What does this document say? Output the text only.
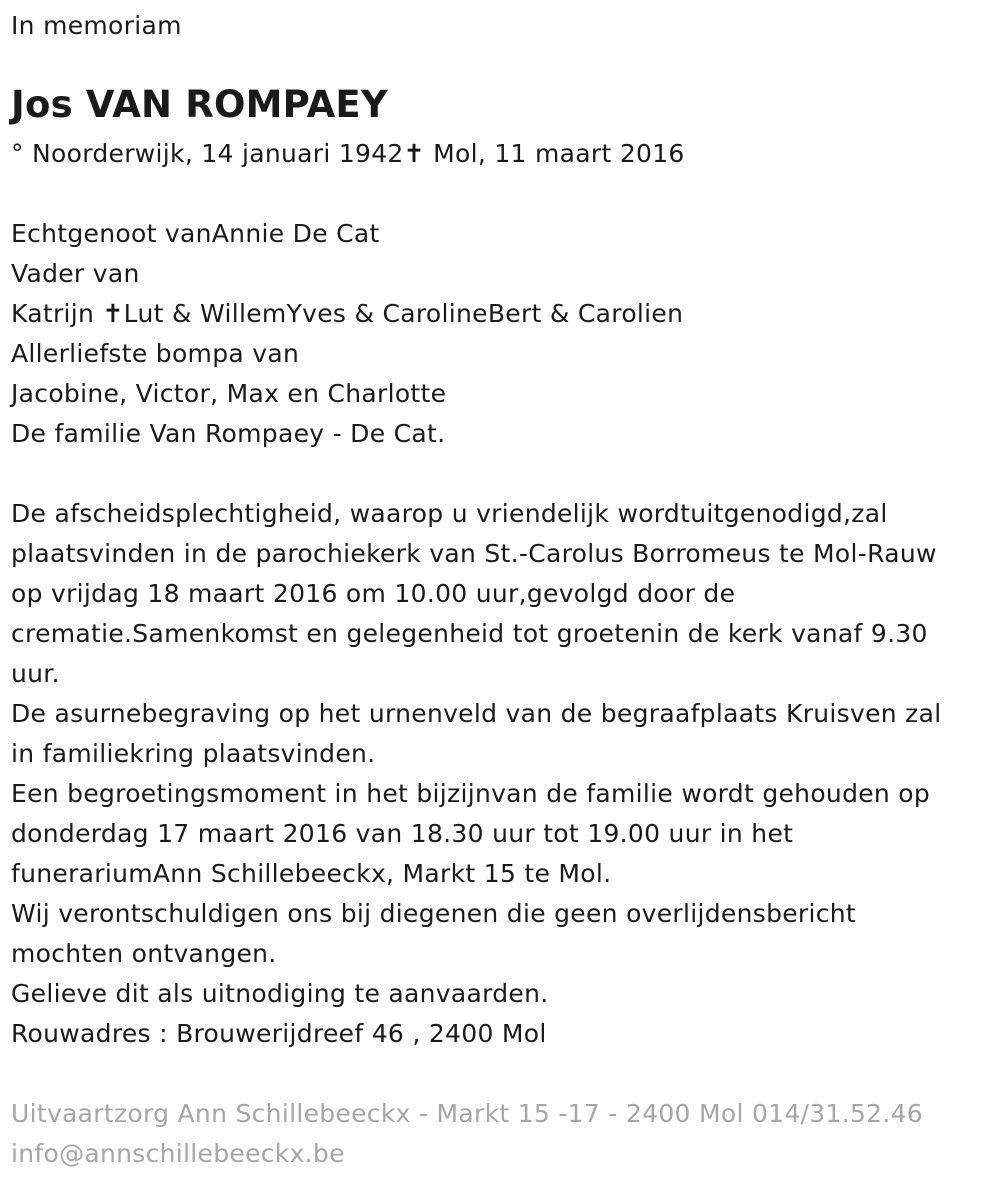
In memoriam
Jos VAN ROMPAEY
° Noorderwijk, 14 januari 1942✝ Mol, 11 maart 2016
Echtgenoot vanAnnie De Cat
Vader van
Katrijn ✝Lut & WillemYves & CarolineBert & Carolien
Allerliefste bompa van
Jacobine, Victor, Max en Charlotte
De familie Van Rompaey - De Cat.
De afscheidsplechtigheid, waarop u vriendelijk wordtuitgenodigd,zal
plaatsvinden in de parochiekerk van St.-Carolus Borromeus te Mol-Rauw
op vrijdag 18 maart 2016 om 10.00 uur,gevolgd door de
crematie.Samenkomst en gelegenheid tot groetenin de kerk vanaf 9.30
uur.
De asurnebegraving op het urnenveld van de begraafplaats Kruisven zal
in familiekring plaatsvinden.
Een begroetingsmoment in het bijzijnvan de familie wordt gehouden op
donderdag 17 maart 2016 van 18.30 uur tot 19.00 uur in het
funerariumAnn Schillebeeckx, Markt 15 te Mol.
Wij verontschuldigen ons bij diegenen die geen overlijdensbericht
mochten ontvangen.
Gelieve dit als uitnodiging te aanvaarden.
Rouwadres : Brouwerijdreef 46 , 2400 Mol
Uitvaartzorg Ann Schillebeeckx - Markt 15 -17 - 2400 Mol 014/31.52.46
info@annschillebeeckx.be
